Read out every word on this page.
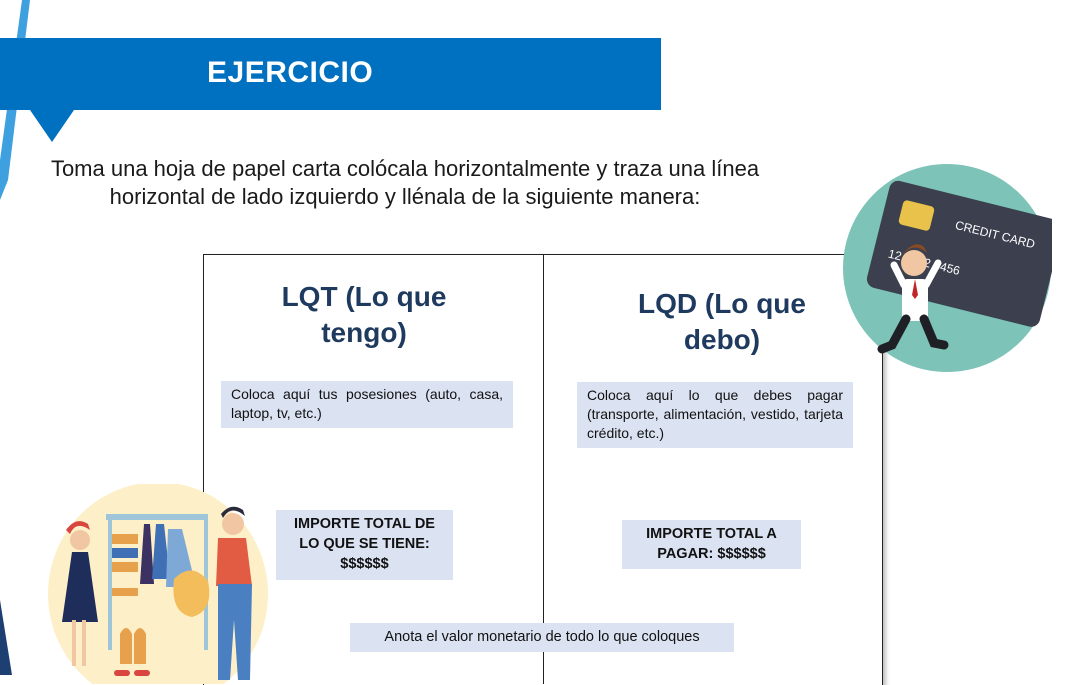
EJERCICIO
Toma una hoja de papel carta colócala horizontalmente y traza una línea
horizontal de lado izquierdo y llénala de la siguiente manera:
LQT (Lo que
tengo)
Coloca aquí tus posesiones (auto, casa, laptop, tv, etc.)
IMPORTE TOTAL DE
LO QUE SE TIENE:
$$$$$$
LQD (Lo que
debo)
Coloca aquí lo que debes pagar (transporte, alimentación, vestido, tarjeta crédito, etc.)
IMPORTE TOTAL A
PAGAR: $$$$$$
Anota el valor monetario de todo lo que coloques
CREDIT CARD
12 3456
